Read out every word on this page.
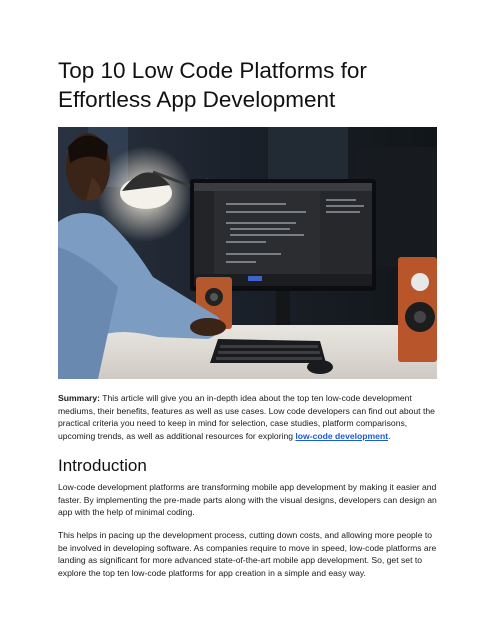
Top 10 Low Code Platforms for
Effortless App Development

Summary: This article will give you an in-depth idea about the top ten low-code development mediums, their benefits, features as well as use cases. Low code developers can find out about the practical criteria you need to keep in mind for selection, case studies, platform comparisons, upcoming trends, as well as additional resources for exploring low-code development.

Introduction

Low-code development platforms are transforming mobile app development by making it easier and faster. By implementing the pre-made parts along with the visual designs, developers can design an app with the help of minimal coding.

This helps in pacing up the development process, cutting down costs, and allowing more people to be involved in developing software. As companies require to move in speed, low-code platforms are landing as significant for more advanced state-of-the-art mobile app development. So, get set to explore the top ten low-code platforms for app creation in a simple and easy way.
